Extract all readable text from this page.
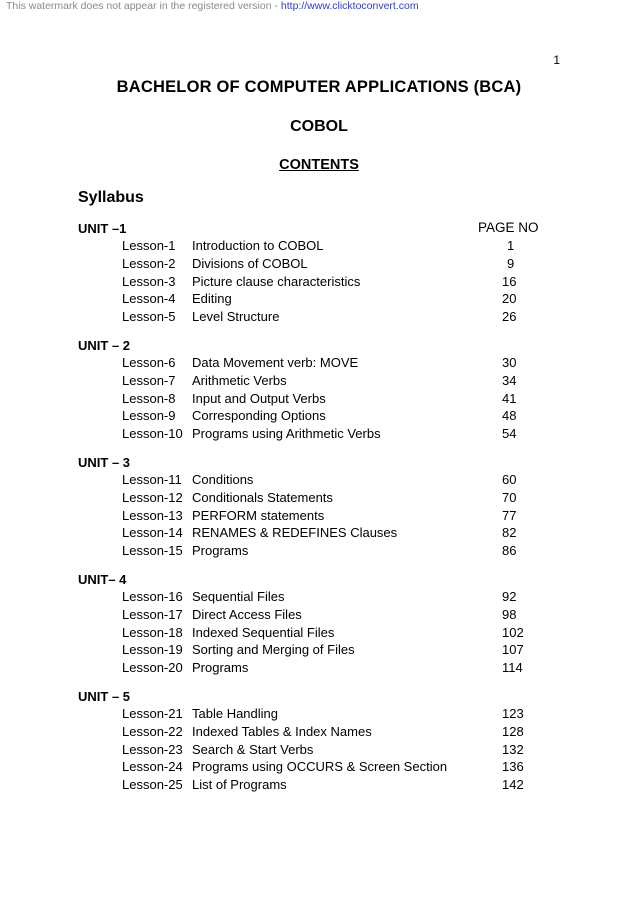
This watermark does not appear in the registered version - http://www.clicktoconvert.com
1
BACHELOR OF COMPUTER APPLICATIONS (BCA)
COBOL
CONTENTS
Syllabus
PAGE NO
UNIT –1
Lesson-1 Introduction to COBOL	1
Lesson-2 Divisions of COBOL	9
Lesson-3 Picture clause characteristics	16
Lesson-4 Editing	20
Lesson-5 Level Structure	26
UNIT – 2
Lesson-6 Data Movement verb: MOVE	30
Lesson-7 Arithmetic Verbs	34
Lesson-8 Input and Output Verbs	41
Lesson-9 Corresponding Options	48
Lesson-10 Programs using Arithmetic Verbs	54
UNIT – 3
Lesson-11 Conditions	60
Lesson-12 Conditionals Statements	70
Lesson-13 PERFORM statements	77
Lesson-14 RENAMES & REDEFINES Clauses	82
Lesson-15 Programs	86
UNIT– 4
Lesson-16 Sequential Files	92
Lesson-17 Direct Access Files	98
Lesson-18 Indexed Sequential Files	102
Lesson-19 Sorting and Merging of Files	107
Lesson-20 Programs	114
UNIT – 5
Lesson-21 Table Handling	123
Lesson-22 Indexed Tables & Index Names	128
Lesson-23 Search & Start Verbs	132
Lesson-24 Programs using OCCURS & Screen Section	136
Lesson-25 List of Programs	142
